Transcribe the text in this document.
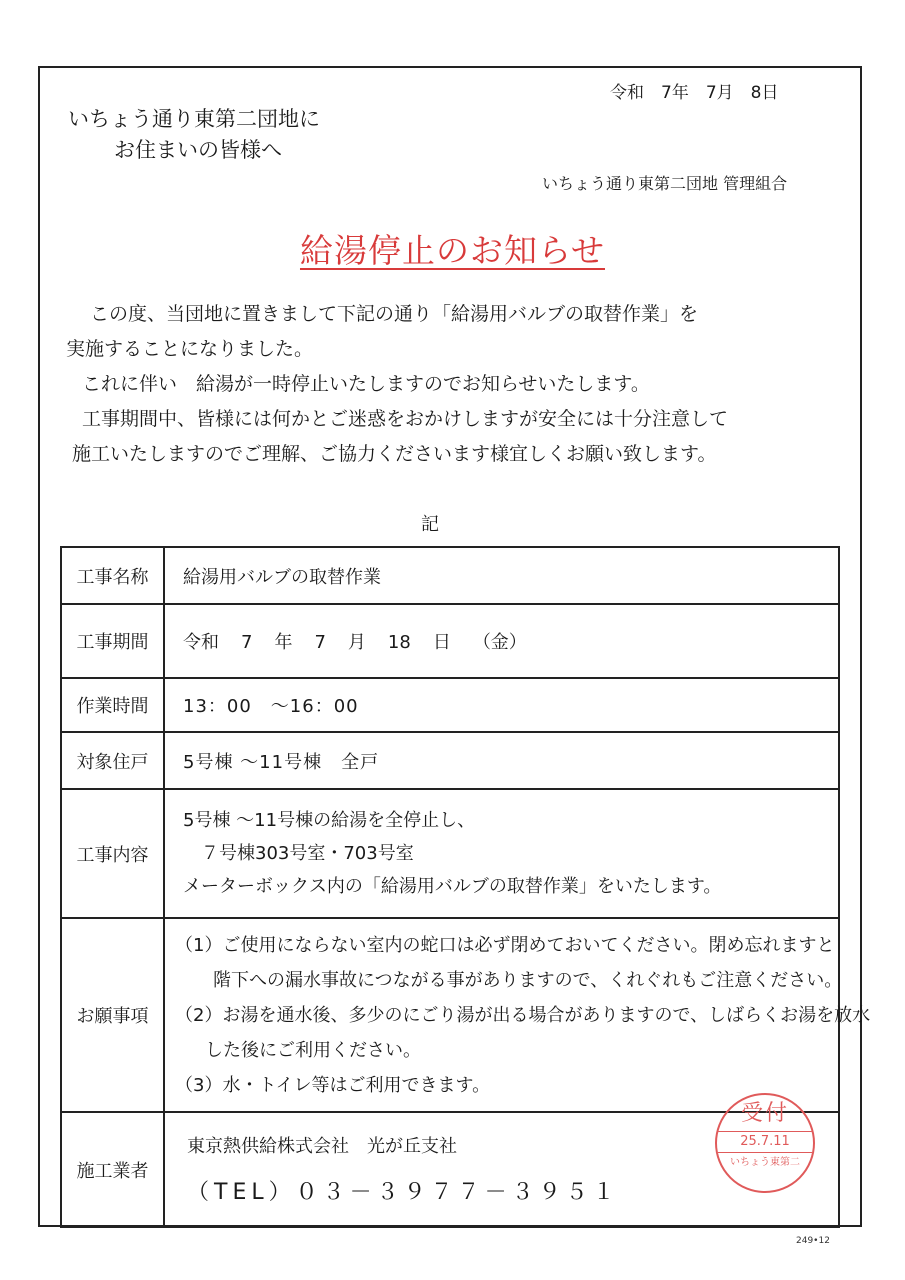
令和　7年　7月　8日
いちょう通り東第二団地に
お住まいの皆様へ
いちょう通り東第二団地 管理組合
給湯停止のお知らせ

この度、当団地に置きまして下記の通り「給湯用バルブの取替作業」を

実施することになりました。

これに伴い　給湯が一時停止いたしますのでお知らせいたします。

工事期間中、皆様には何かとご迷惑をおかけしますが安全には十分注意して

施工いたしますのでご理解、ご協力くださいます様宜しくお願い致します。

記
工事名称	給湯用バルブの取替作業
工事期間	令和 7 年 7 月 18 日 （金）
作業時間	13：00　～16：00
対象住戸	5号棟 ～11号棟　全戸
工事内容	5号棟 ～11号棟の給湯を全停止し、
７号棟303号室・703号室
メーターボックス内の「給湯用バルブの取替作業」をいたします。

お願事項	（1）ご使用にならない室内の蛇口は必ず閉めておいてください。閉め忘れますと
階下への漏水事故につながる事がありますので、くれぐれもご注意ください。
（2）お湯を通水後、多少のにごり湯が出る場合がありますので、しばらくお湯を放水
した後にご利用ください。
（3）水・トイレ等はご利用できます。

施工業者	東京熱供給株式会社　光が丘支社
（TEL）０３－３９７７－３９５１
受付
25.7.11
いちょう東第二
249•12
